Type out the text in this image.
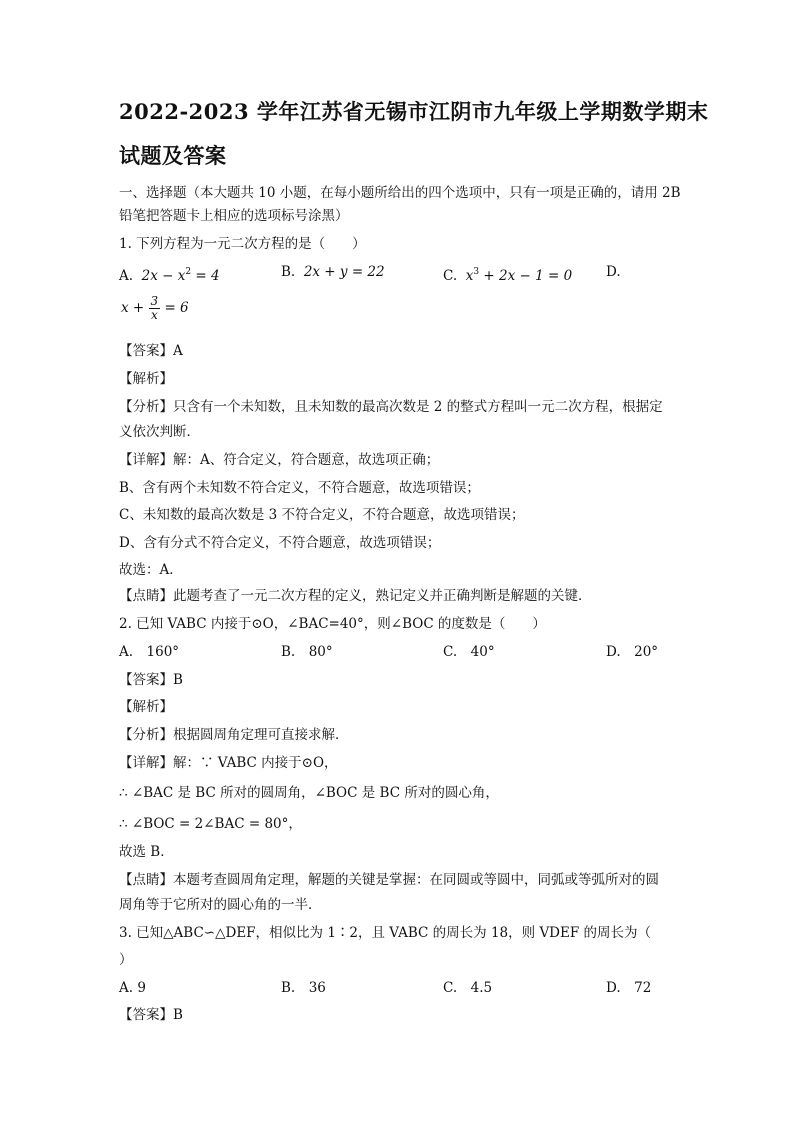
2022-2023 学年江苏省无锡市江阴市九年级上学期数学期末
试题及答案
一、选择题（本大题共 10 小题，在每小题所给出的四个选项中，只有一项是正确的，请用 2B
铅笔把答题卡上相应的选项标号涂黑）
1. 下列方程为一元二次方程的是（　　）
A. $2x - x^2 = 4$	B. 2x + y = 22	C. $x^3 + 2x - 1 = 0$	D.
$x + \frac{3}{x} = 6$
【答案】A
【解析】
【分析】只含有一个未知数，且未知数的最高次数是 2 的整式方程叫一元二次方程，根据定
义依次判断．
【详解】解：A、符合定义，符合题意，故选项正确；
B、含有两个未知数不符合定义，不符合题意，故选项错误；
C、未知数的最高次数是 3 不符合定义，不符合题意，故选项错误；
D、含有分式不符合定义，不符合题意，故选项错误；
故选：A．
【点睛】此题考查了一元二次方程的定义，熟记定义并正确判断是解题的关键．
2. 已知 VABC 内接于⊙O，∠BAC=40°，则∠BOC 的度数是（　　）
A.　160°	B.　80°	C.　40°	D.　20°
【答案】B
【解析】
【分析】根据圆周角定理可直接求解．
【详解】解：∵ VABC 内接于⊙O，
∴ ∠BAC 是 BC 所对的圆周角，∠BOC 是 BC 所对的圆心角，
∴ ∠BOC = 2∠BAC = 80°，
故选 B．
【点睛】本题考查圆周角定理，解题的关键是掌握：在同圆或等圆中，同弧或等弧所对的圆
周角等于它所对的圆心角的一半．
3. 已知△ABC∽△DEF，相似比为 1∶2，且 VABC 的周长为 18，则 VDEF 的周长为（
）
A. 9	B.　36	C.　4.5	D.　72
【答案】B
